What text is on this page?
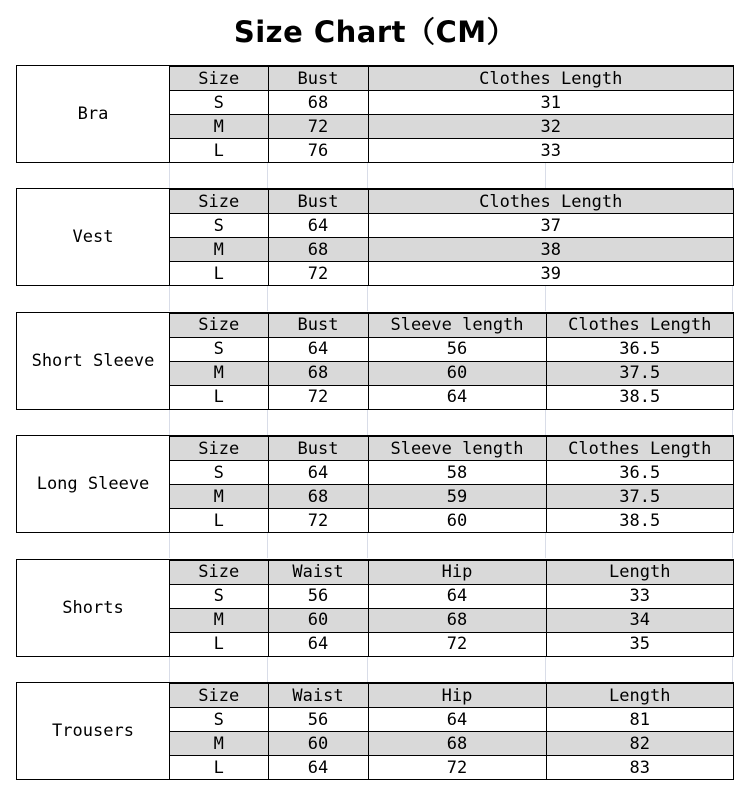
Size Chart（CM）
Bra
Size	Bust	Clothes Length
S	68	31
M	72	32
L	76	33
Vest
Size	Bust	Clothes Length
S	64	37
M	68	38
L	72	39
Short Sleeve
Size	Bust	Sleeve length	Clothes Length
S	64	56	36.5
M	68	60	37.5
L	72	64	38.5
Long Sleeve
Size	Bust	Sleeve length	Clothes Length
S	64	58	36.5
M	68	59	37.5
L	72	60	38.5
Shorts
Size	Waist	Hip	Length
S	56	64	33
M	60	68	34
L	64	72	35
Trousers
Size	Waist	Hip	Length
S	56	64	81
M	60	68	82
L	64	72	83
